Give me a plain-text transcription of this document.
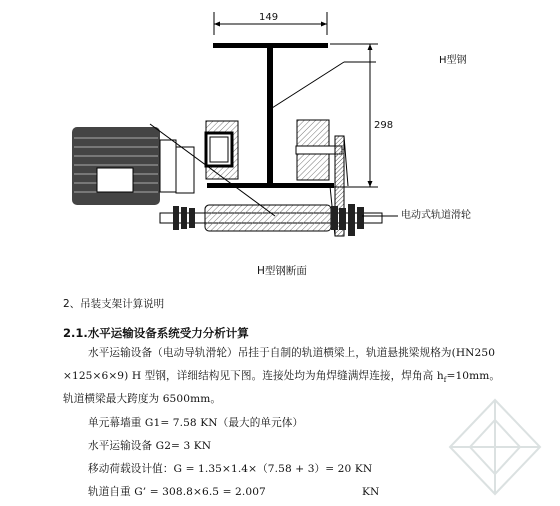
149
298
H型钢
电动式轨道滑轮
H型钢断面
2、吊装支架计算说明
2.1.水平运输设备系统受力分析计算
水平运输设备（电动导轨滑轮）吊挂于自制的轨道横梁上，轨道悬挑梁规格为(HN250
×125×6×9) H 型钢，详细结构见下图。连接处均为角焊缝满焊连接，焊角高 $h_f=10mm$。
轨道横梁最大跨度为 6500mm。
单元幕墙重 G1= 7.58 KN（最大的单元体）
水平运输设备 G2= 3 KN
移动荷载设计值：G = 1.35×1.4×（7.58 + 3）= 20 KN
轨道自重 G’ = 308.8×6.5 = 2.007	KN
